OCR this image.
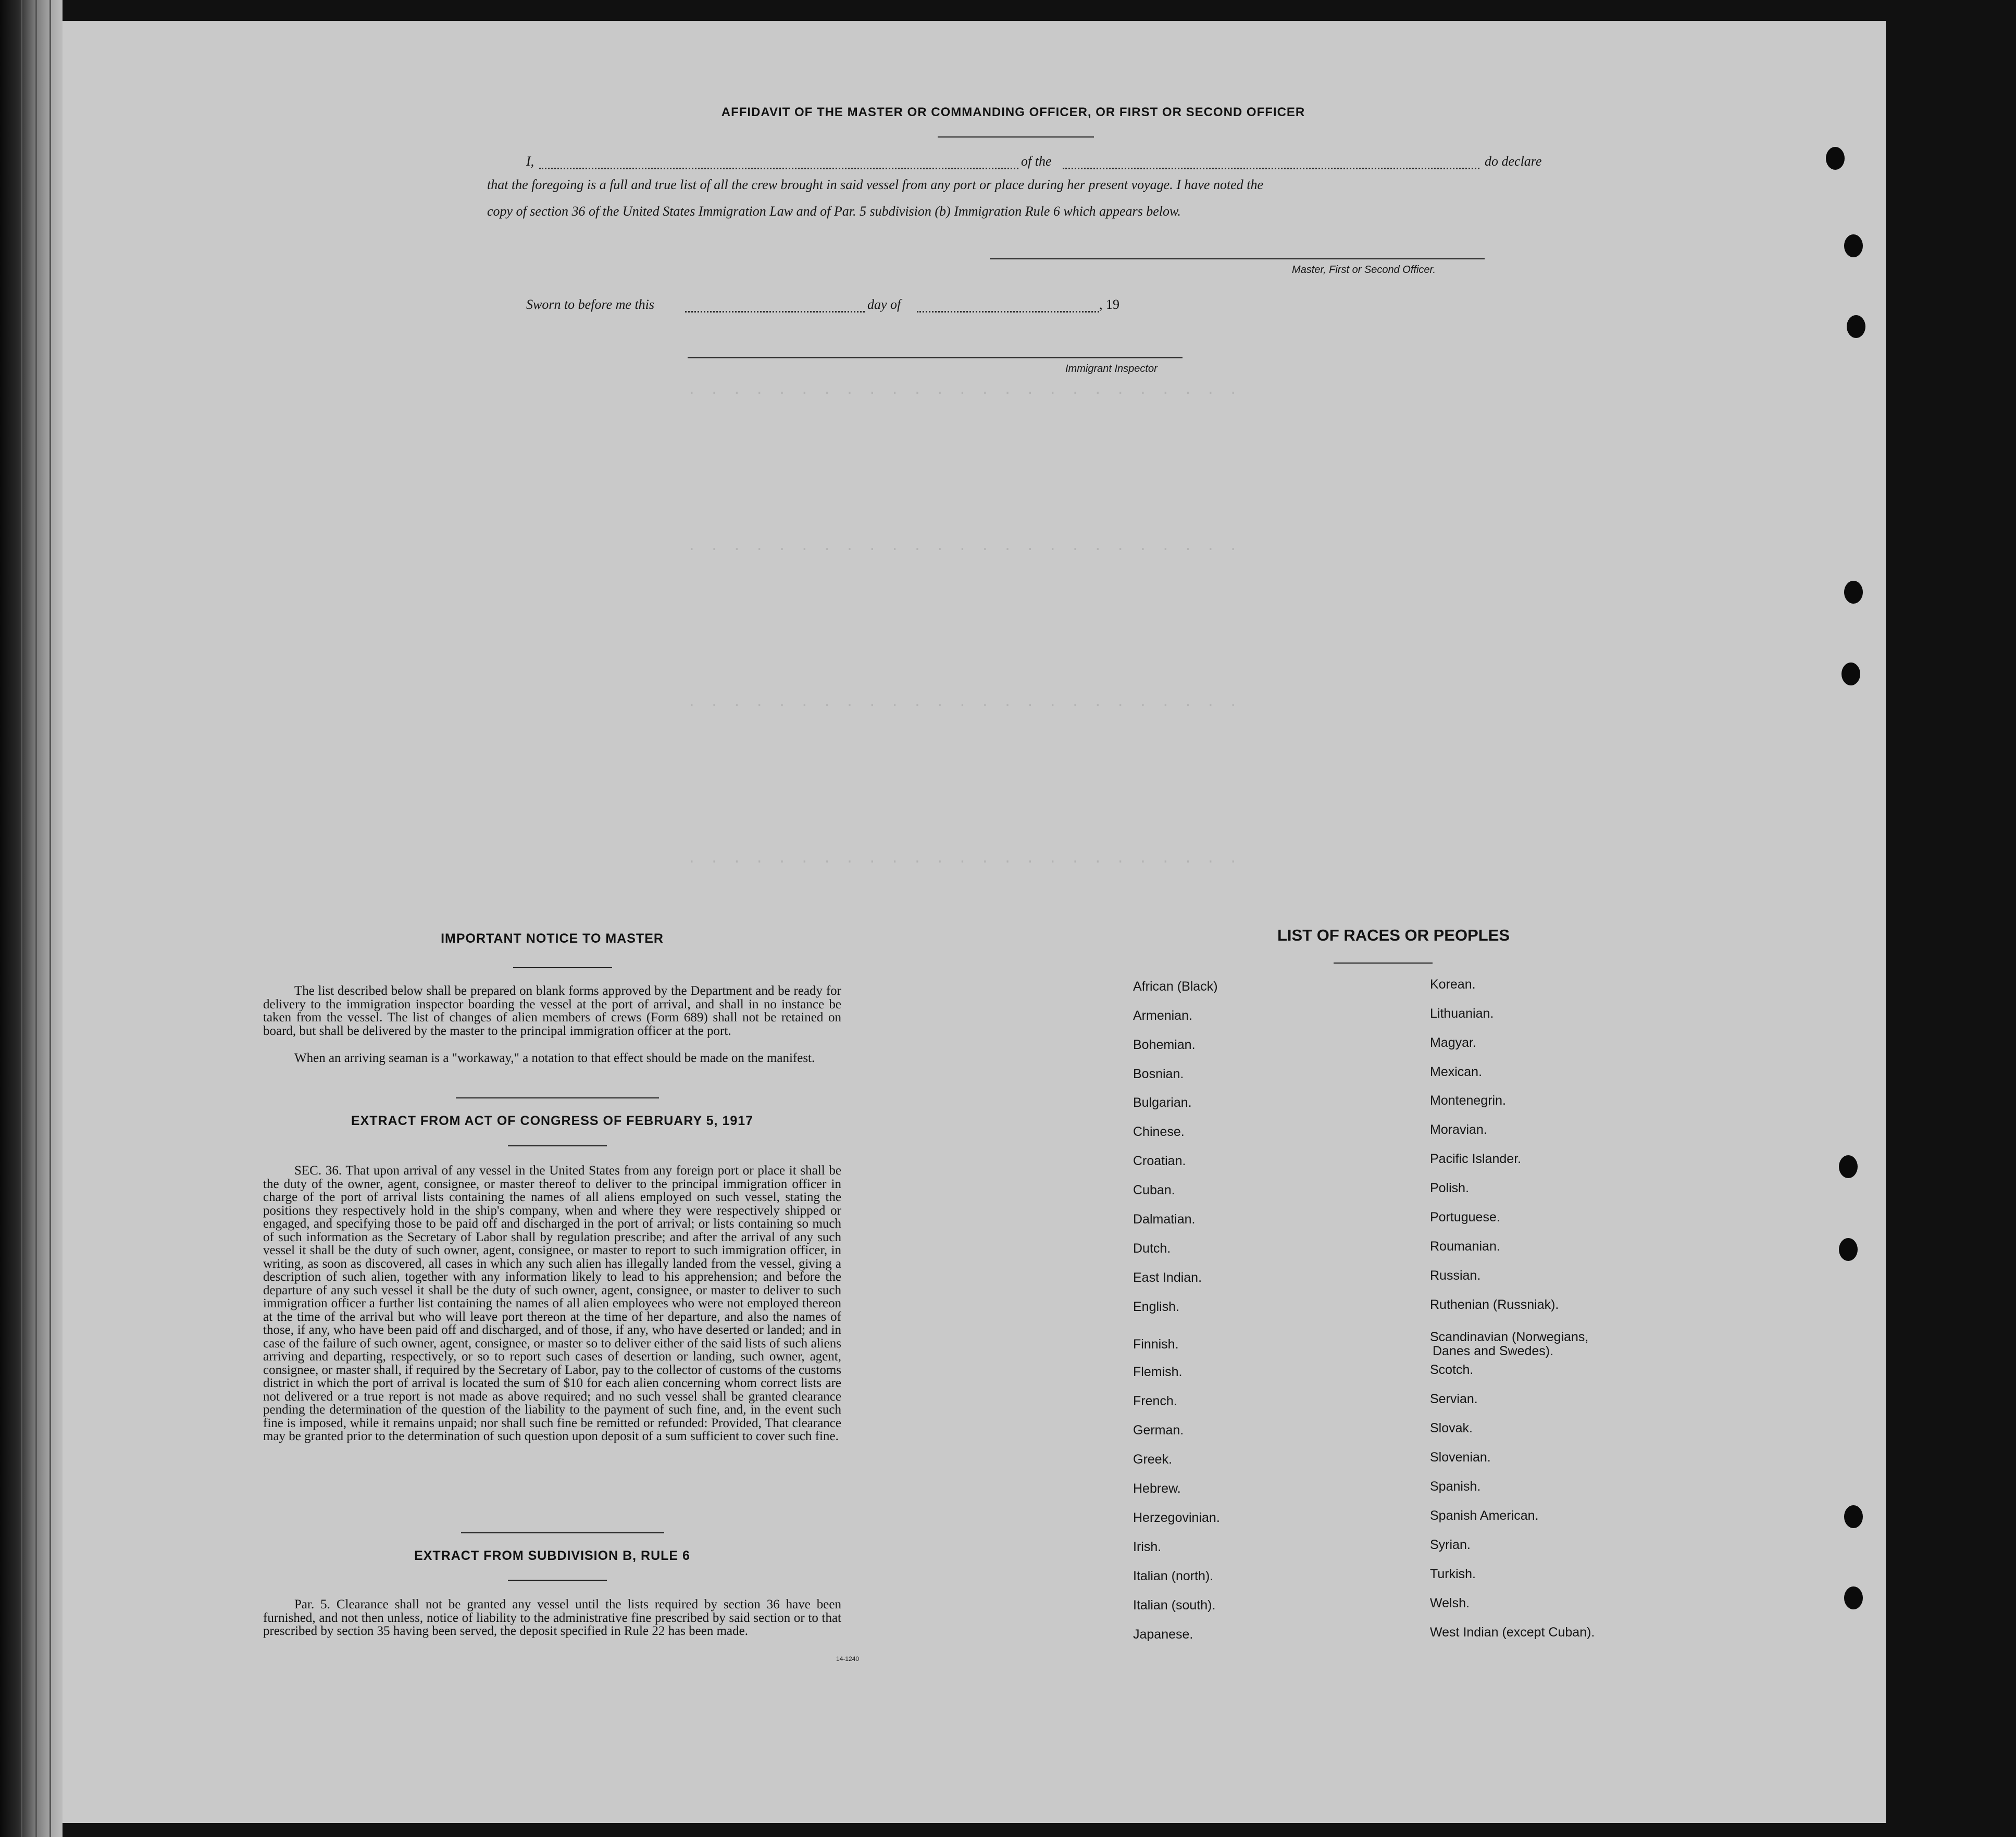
· · · · · · · · · · · · · · · · · · · · · · · · ·
· · · · · · · · · · · · · · · · · · · · · · · · ·
· · · · · · · · · · · · · · · · · · · · · · · · ·
· · · · · · · · · · · · · · · · · · · · · · · · ·
AFFIDAVIT OF THE MASTER OR COMMANDING OFFICER, OR FIRST OR SECOND OFFICER
I,	of the	do declare
that the foregoing is a full and true list of all the crew brought in said vessel from any port or place during her present voyage. I have noted the
copy of section 36 of the United States Immigration Law and of Par. 5 subdivision (b) Immigration Rule 6 which appears below.
Master, First or Second Officer.
Sworn to before me this	day of	, 19
Immigrant Inspector
IMPORTANT NOTICE TO MASTER
The list described below shall be prepared on blank forms approved by the Department and be ready for delivery to the immigration inspector boarding the vessel at the port of arrival, and shall in no instance be taken from the vessel. The list of changes of alien members of crews (Form 689) shall not be retained on board, but shall be delivered by the master to the principal immigration officer at the port.
When an arriving seaman is a "workaway," a notation to that effect should be made on the manifest.
EXTRACT FROM ACT OF CONGRESS OF FEBRUARY 5, 1917
SEC. 36. That upon arrival of any vessel in the United States from any foreign port or place it shall be the duty of the owner, agent, consignee, or master thereof to deliver to the principal immigration officer in charge of the port of arrival lists containing the names of all aliens employed on such vessel, stating the positions they respectively hold in the ship's company, when and where they were respectively shipped or engaged, and specifying those to be paid off and discharged in the port of arrival; or lists containing so much of such information as the Secretary of Labor shall by regulation prescribe; and after the arrival of any such vessel it shall be the duty of such owner, agent, consignee, or master to report to such immigration officer, in writing, as soon as discovered, all cases in which any such alien has illegally landed from the vessel, giving a description of such alien, together with any information likely to lead to his apprehension; and before the departure of any such vessel it shall be the duty of such owner, agent, consignee, or master to deliver to such immigration officer a further list containing the names of all alien employees who were not employed thereon at the time of the arrival but who will leave port thereon at the time of her departure, and also the names of those, if any, who have been paid off and discharged, and of those, if any, who have deserted or landed; and in case of the failure of such owner, agent, consignee, or master so to deliver either of the said lists of such aliens arriving and departing, respectively, or so to report such cases of desertion or landing, such owner, agent, consignee, or master shall, if required by the Secretary of Labor, pay to the collector of customs of the customs district in which the port of arrival is located the sum of $10 for each alien concerning whom correct lists are not delivered or a true report is not made as above required; and no such vessel shall be granted clearance pending the determination of the question of the liability to the payment of such fine, and, in the event such fine is imposed, while it remains unpaid; nor shall such fine be remitted or refunded: Provided, That clearance may be granted prior to the determination of such question upon deposit of a sum sufficient to cover such fine.
EXTRACT FROM SUBDIVISION B, RULE 6
Par. 5. Clearance shall not be granted any vessel until the lists required by section 36 have been furnished, and not then unless, notice of liability to the administrative fine prescribed by said section or to that prescribed by section 35 having been served, the deposit specified in Rule 22 has been made.
14-1240
LIST OF RACES OR PEOPLES
African (Black)
Armenian.
Bohemian.
Bosnian.
Bulgarian.
Chinese.
Croatian.
Cuban.
Dalmatian.
Dutch.
East Indian.
English.
Finnish.
Flemish.
French.
German.
Greek.
Hebrew.
Herzegovinian.
Irish.
Italian (north).
Italian (south).
Japanese.
Korean.
Lithuanian.
Magyar.
Mexican.
Montenegrin.
Moravian.
Pacific Islander.
Polish.
Portuguese.
Roumanian.
Russian.
Ruthenian (Russniak).
Scandinavian (Norwegians,
Danes and Swedes).
Scotch.
Servian.
Slovak.
Slovenian.
Spanish.
Spanish American.
Syrian.
Turkish.
Welsh.
West Indian (except Cuban).
